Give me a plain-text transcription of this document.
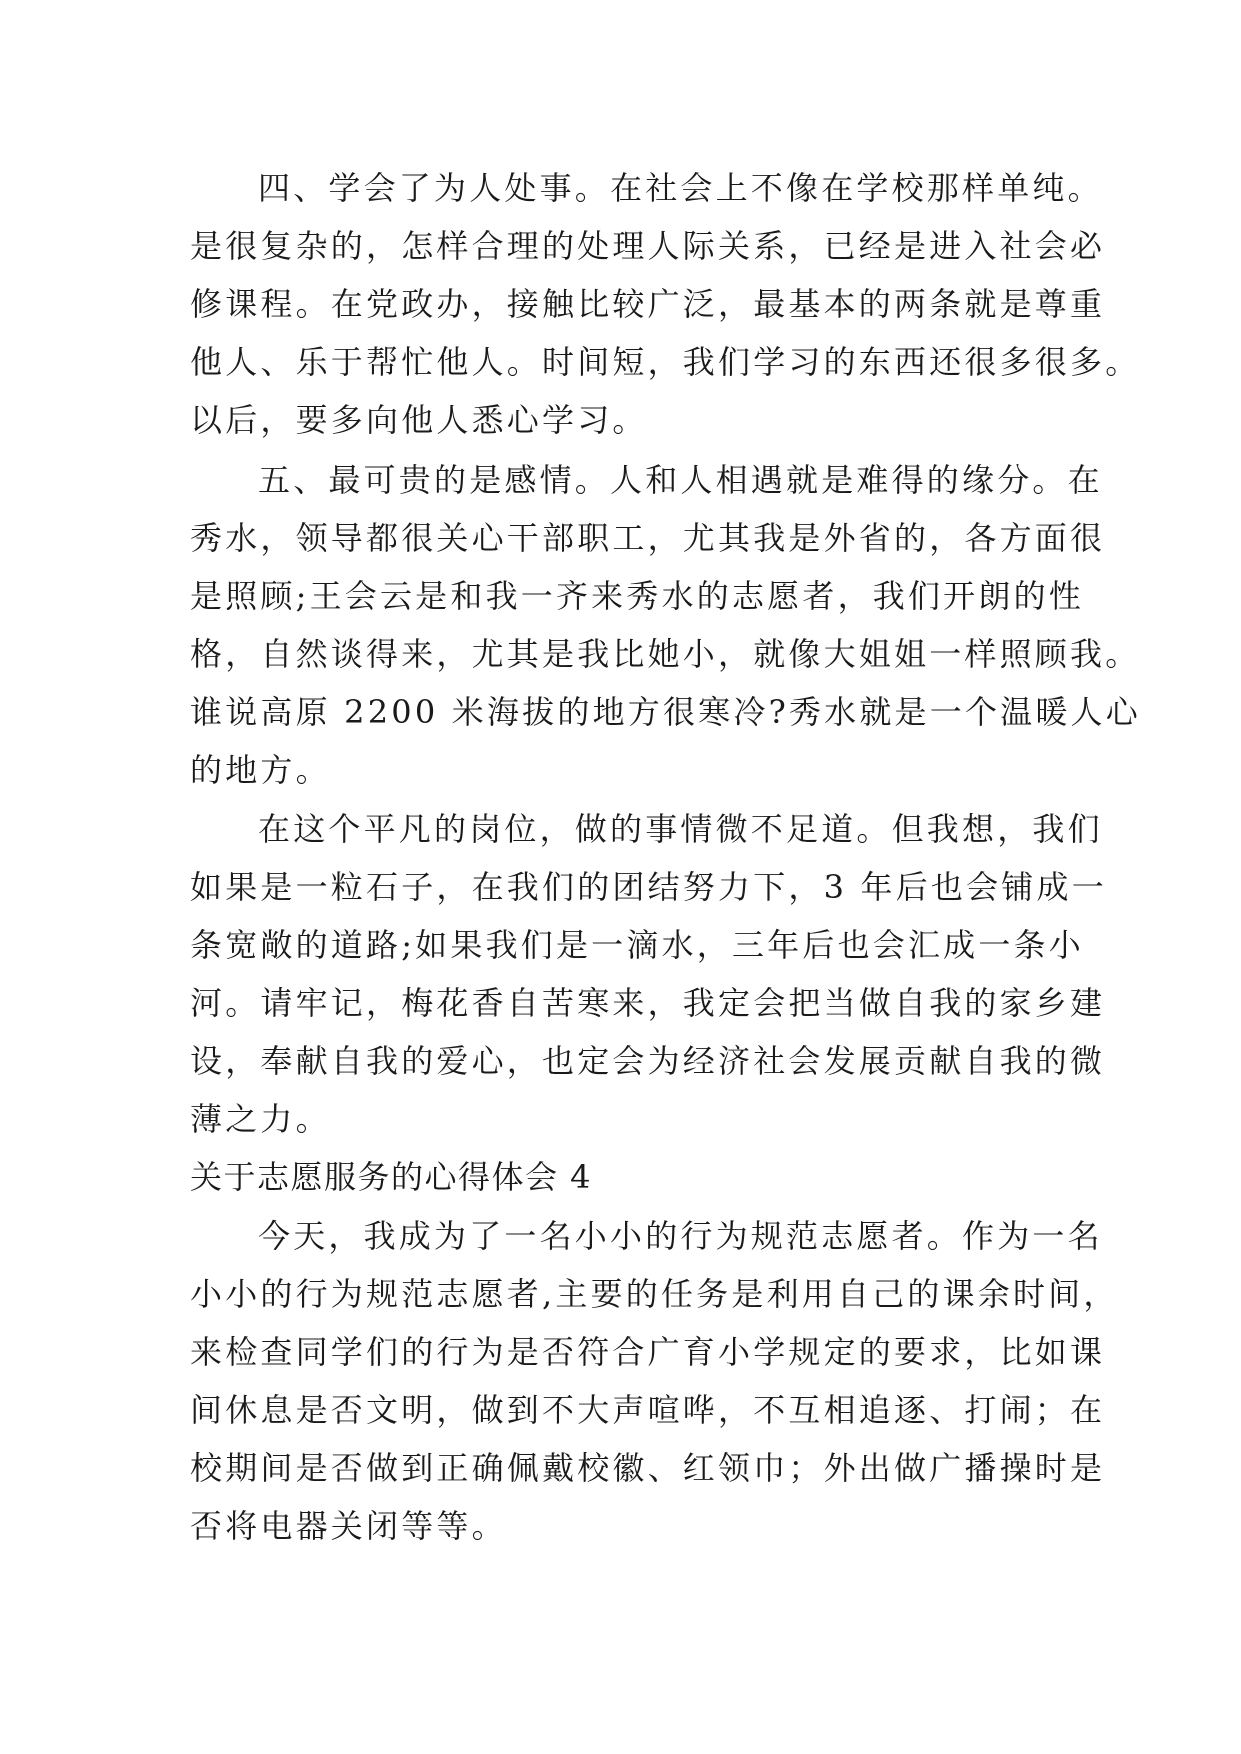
四、学会了为人处事。在社会上不像在学校那样单纯。
是很复杂的，怎样合理的处理人际关系，已经是进入社会必
修课程。在党政办，接触比较广泛，最基本的两条就是尊重
他人、乐于帮忙他人。时间短，我们学习的东西还很多很多。
以后，要多向他人悉心学习。
五、最可贵的是感情。人和人相遇就是难得的缘分。在
秀水，领导都很关心干部职工，尤其我是外省的，各方面很
是照顾;王会云是和我一齐来秀水的志愿者，我们开朗的性
格，自然谈得来，尤其是我比她小，就像大姐姐一样照顾我。
谁说高原 2200 米海拔的地方很寒冷?秀水就是一个温暖人心
的地方。
在这个平凡的岗位，做的事情微不足道。但我想，我们
如果是一粒石子，在我们的团结努力下，3 年后也会铺成一
条宽敞的道路;如果我们是一滴水，三年后也会汇成一条小
河。请牢记，梅花香自苦寒来，我定会把当做自我的家乡建
设，奉献自我的爱心，也定会为经济社会发展贡献自我的微
薄之力。
关于志愿服务的心得体会 4
今天，我成为了一名小小的行为规范志愿者。作为一名
小小的行为规范志愿者,主要的任务是利用自己的课余时间，
来检查同学们的行为是否符合广育小学规定的要求，比如课
间休息是否文明，做到不大声喧哗，不互相追逐、打闹；在
校期间是否做到正确佩戴校徽、红领巾；外出做广播操时是
否将电器关闭等等。
